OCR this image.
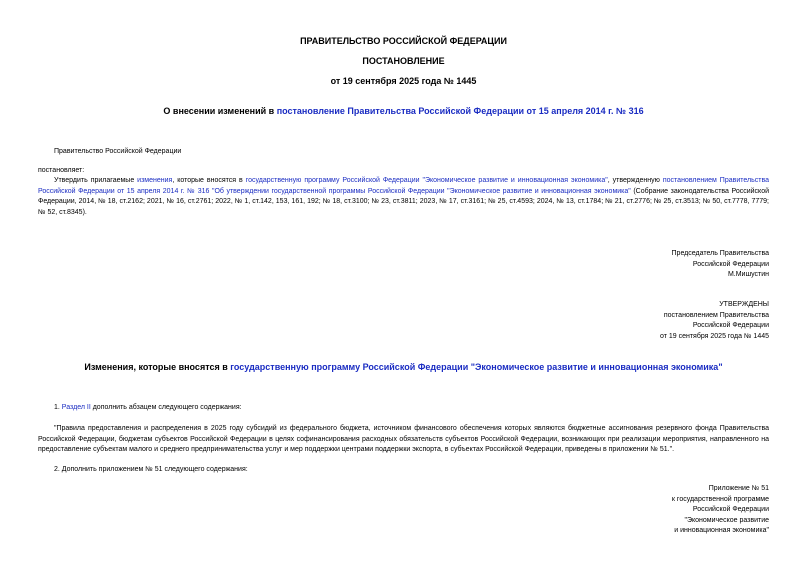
ПРАВИТЕЛЬСТВО РОССИЙСКОЙ ФЕДЕРАЦИИ
ПОСТАНОВЛЕНИЕ
от 19 сентября 2025 года № 1445
О внесении изменений в постановление Правительства Российской Федерации от 15 апреля 2014 г. № 316
Правительство Российской Федерации
постановляет:
Утвердить прилагаемые изменения, которые вносятся в государственную программу Российской Федерации "Экономическое развитие и инновационная экономика", утвержденную постановлением Правительства Российской Федерации от 15 апреля 2014 г. № 316 "Об утверждении государственной программы Российской Федерации "Экономическое развитие и инновационная экономика" (Собрание законодательства Российской Федерации, 2014, № 18, ст.2162; 2021, № 16, ст.2761; 2022, № 1, ст.142, 153, 161, 192; № 18, ст.3100; № 23, ст.3811; 2023, № 17, ст.3161; № 25, ст.4593; 2024, № 13, ст.1784; № 21, ст.2776; № 25, ст.3513; № 50, ст.7778, 7779; № 52, ст.8345).
Председатель Правительства
Российской Федерации
М.Мишустин
УТВЕРЖДЕНЫ
постановлением Правительства
Российской Федерации
от 19 сентября 2025 года № 1445
Изменения, которые вносятся в государственную программу Российской Федерации "Экономическое развитие и инновационная экономика"
1. Раздел II дополнить абзацем следующего содержания:
"Правила предоставления и распределения в 2025 году субсидий из федерального бюджета, источником финансового обеспечения которых являются бюджетные ассигнования резервного фонда Правительства Российской Федерации, бюджетам субъектов Российской Федерации в целях софинансирования расходных обязательств субъектов Российской Федерации, возникающих при реализации мероприятия, направленного на предоставление субъектам малого и среднего предпринимательства услуг и мер поддержки центрами поддержки экспорта, в субъектах Российской Федерации, приведены в приложении № 51.".
2. Дополнить приложением № 51 следующего содержания:
Приложение № 51
к государственной программе
Российской Федерации
"Экономическое развитие
и инновационная экономика"
